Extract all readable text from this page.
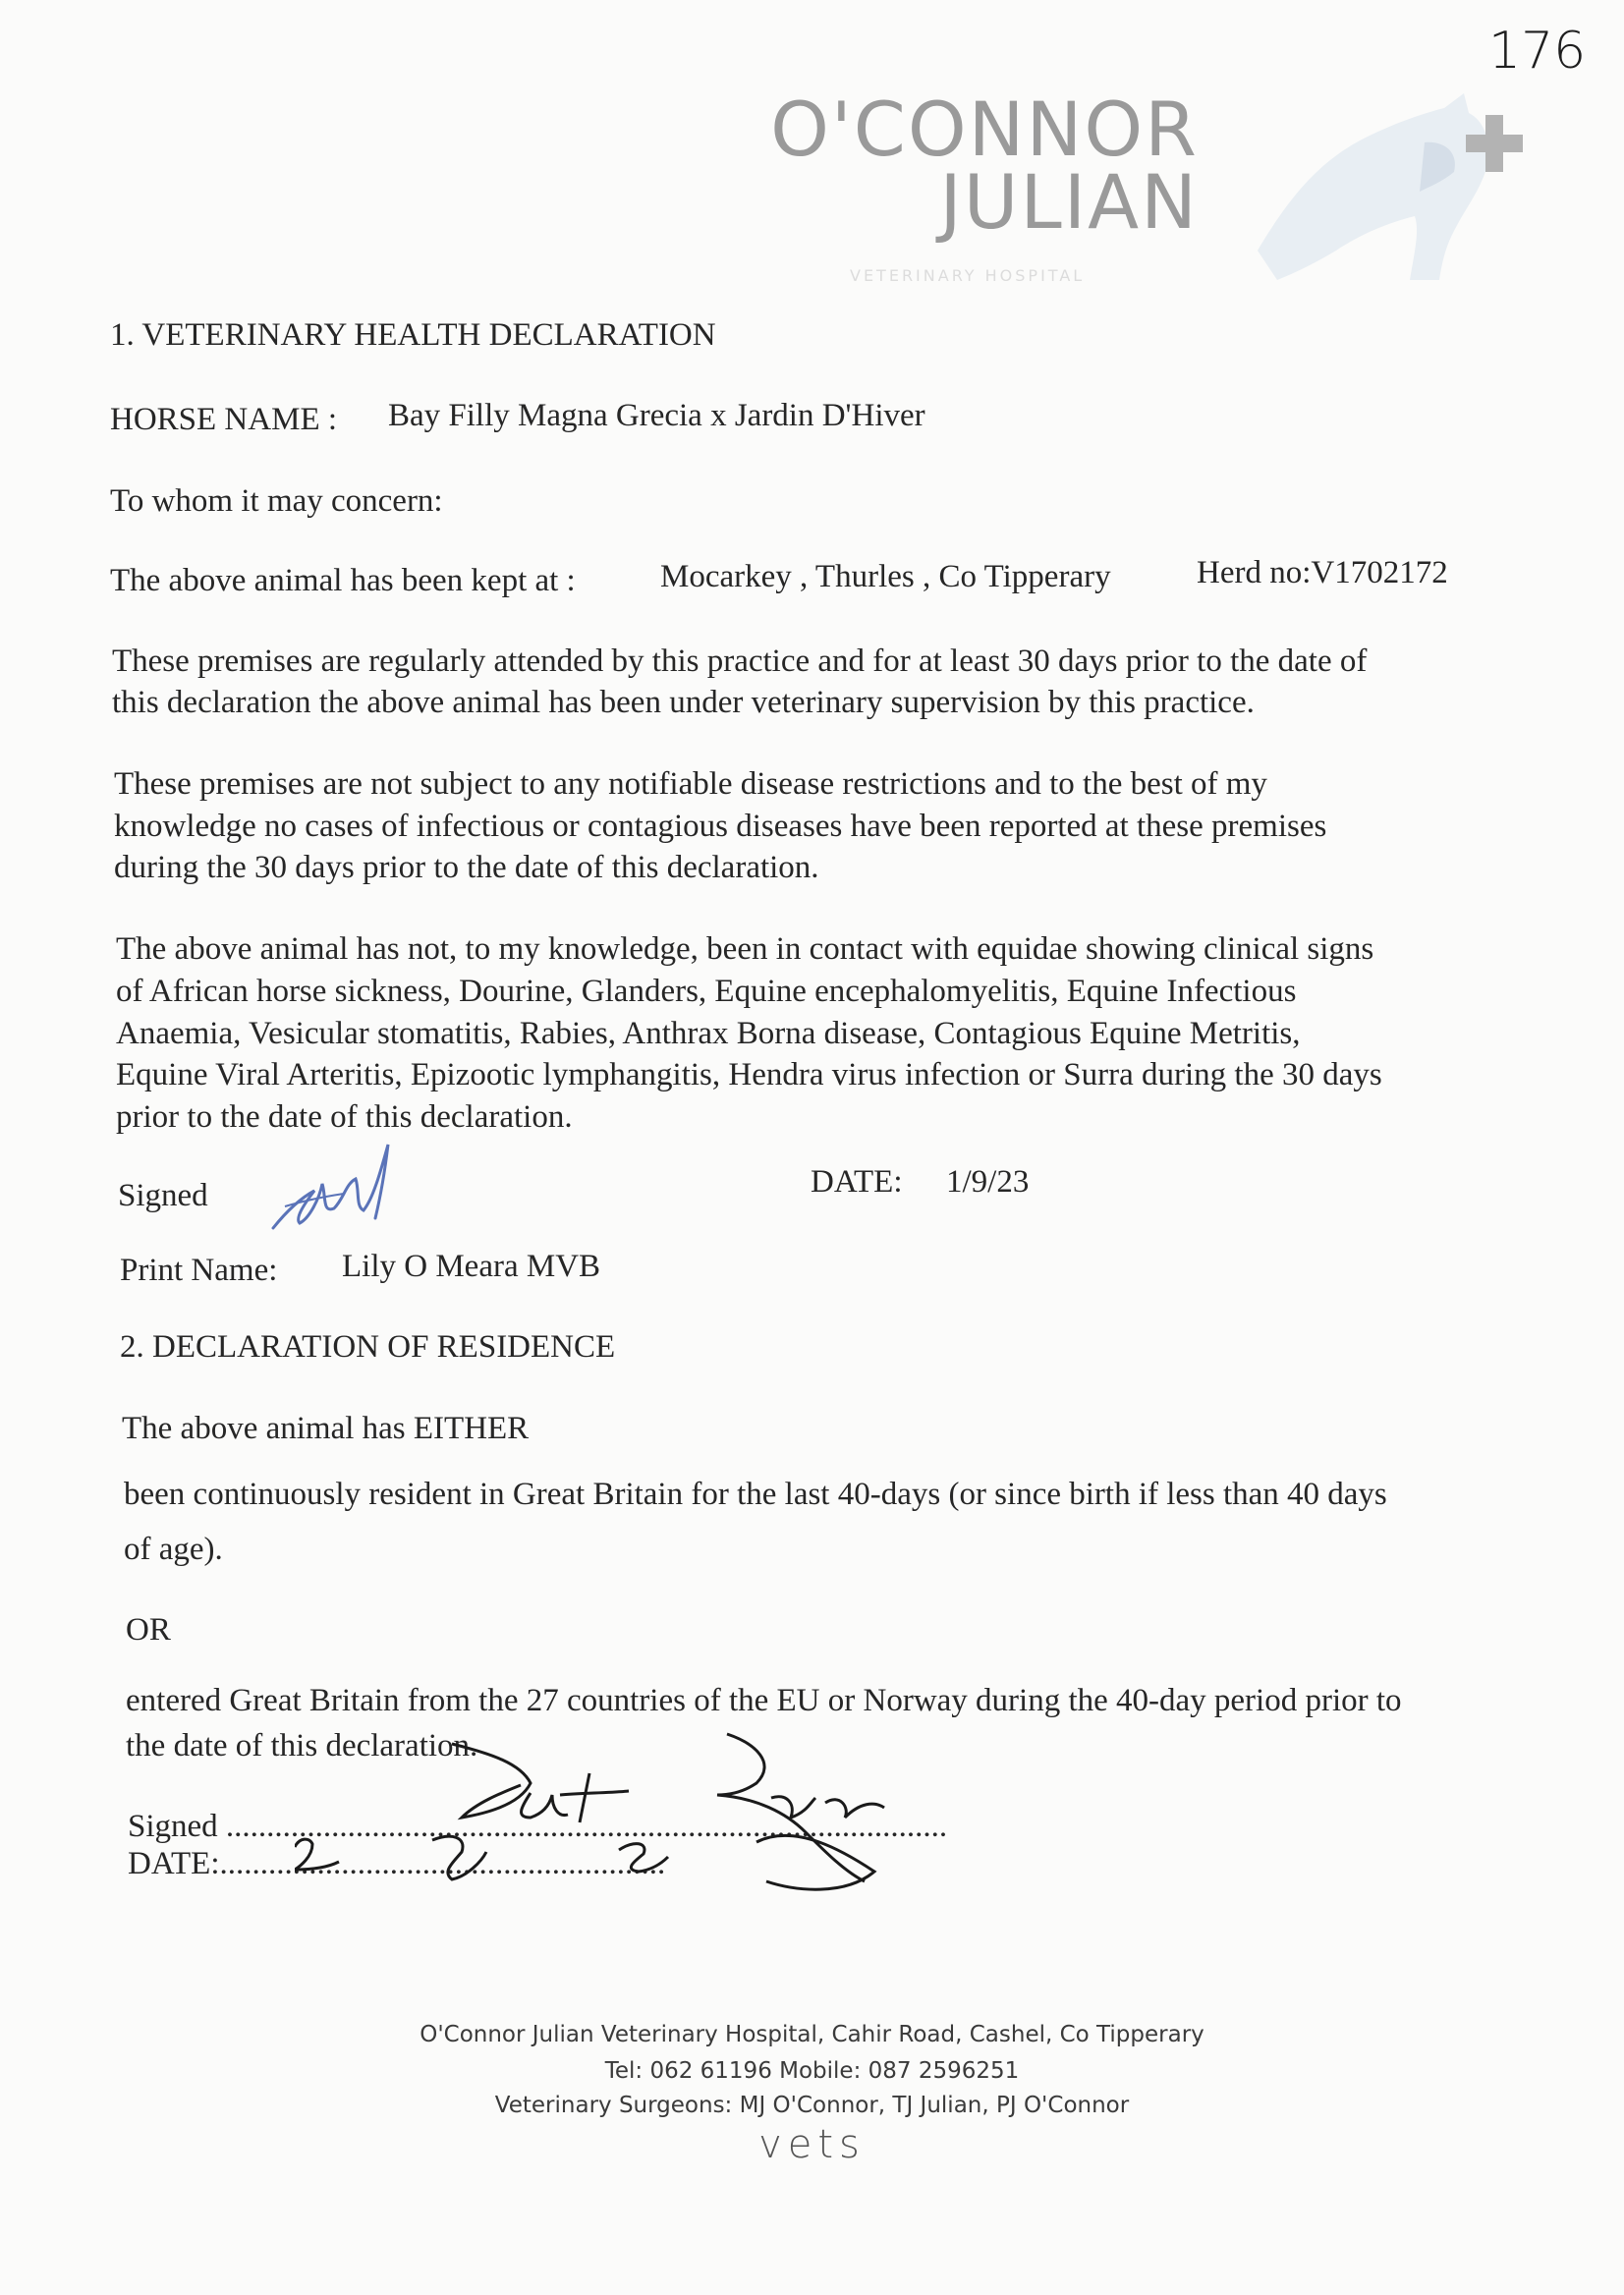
176
O'CONNOR
JULIAN
VETERINARY HOSPITAL
1. VETERINARY HEALTH DECLARATION
HORSE NAME : Bay Filly Magna Grecia x Jardin D'Hiver
To whom it may concern:
The above animal has been kept at :	Mocarkey , Thurles , Co Tipperary	Herd no:V1702172
These premises are regularly attended by this practice and for at least 30 days prior to the date of
this declaration the above animal has been under veterinary supervision by this practice.
These premises are not subject to any notifiable disease restrictions and to the best of my
knowledge no cases of infectious or contagious diseases have been reported at these premises
during the 30 days prior to the date of this declaration.
The above animal has not, to my knowledge, been in contact with equidae showing clinical signs
of African horse sickness, Dourine, Glanders, Equine encephalomyelitis, Equine Infectious
Anaemia, Vesicular stomatitis, Rabies, Anthrax Borna disease, Contagious Equine Metritis,
Equine Viral Arteritis, Epizootic lymphangitis, Hendra virus infection or Surra during the 30 days
prior to the date of this declaration.
Signed	DATE: 1/9/23
Print Name: Lily O Meara MVB
2. DECLARATION OF RESIDENCE
The above animal has EITHER
been continuously resident in Great Britain for the last 40-days (or since birth if less than 40 days
of age).
OR
entered Great Britain from the 27 countries of the EU or Norway during the 40-day period prior to
the date of this declaration.
Signed .........................................................................................
DATE:.......................................................
O'Connor Julian Veterinary Hospital, Cahir Road, Cashel, Co Tipperary
Tel: 062 61196 Mobile: 087 2596251
Veterinary Surgeons: MJ O'Connor, TJ Julian, PJ O'Connor
vets
